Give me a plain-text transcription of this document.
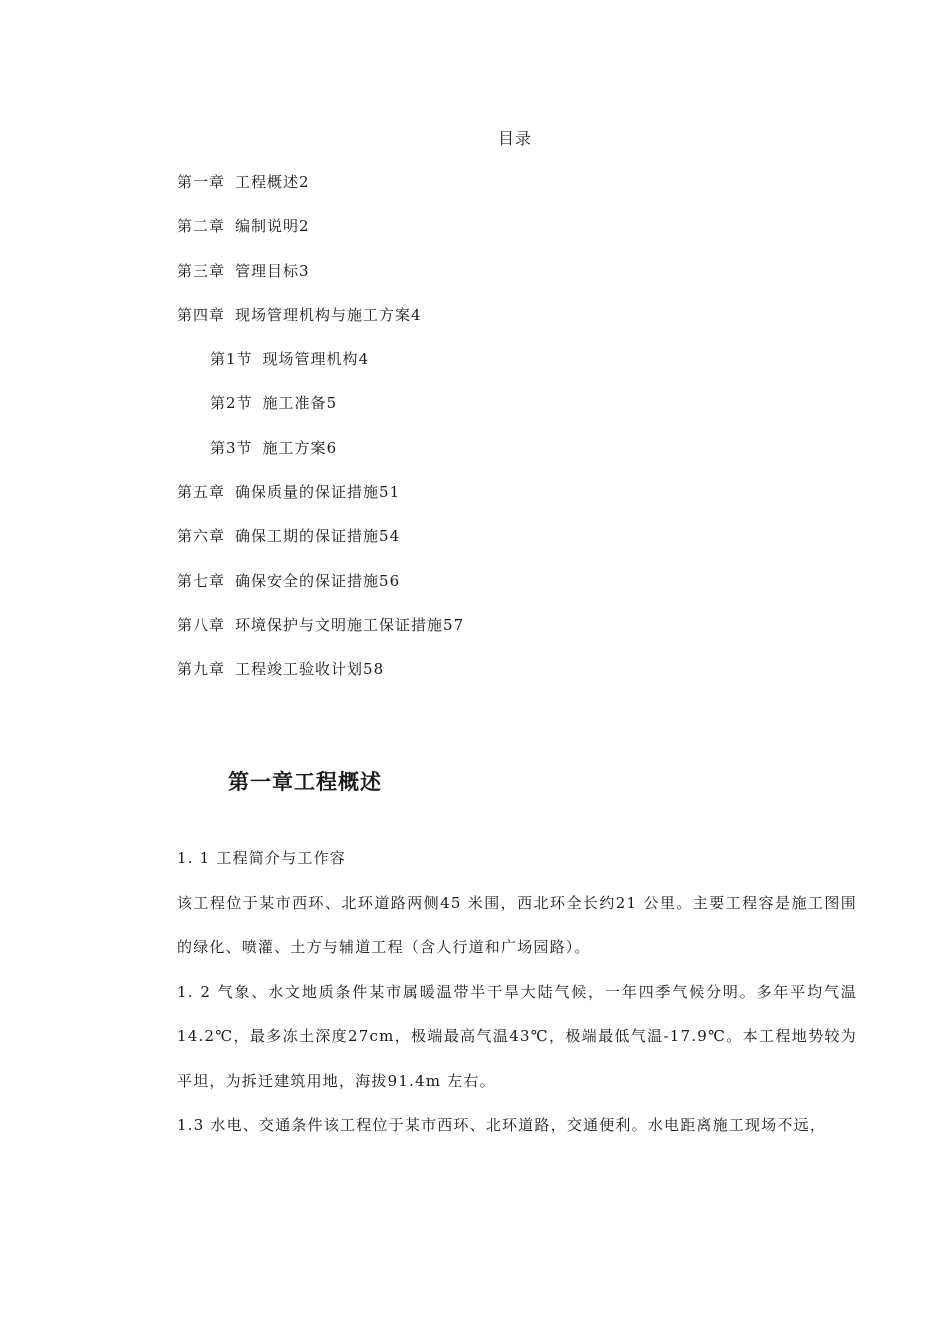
目录
第一章 工程概述2
第二章 编制说明2
第三章 管理目标3
第四章 现场管理机构与施工方案4
第1节 现场管理机构4
第2节 施工准备5
第3节 施工方案6
第五章 确保质量的保证措施51
第六章 确保工期的保证措施54
第七章 确保安全的保证措施56
第八章 环境保护与文明施工保证措施57
第九章 工程竣工验收计划58
第一章工程概述

1. 1 工程简介与工作容

该工程位于某市西环、北环道路两侧45 米围，西北环全长约21 公里。主要工程容是施工图围的绿化、喷灌、土方与辅道工程（含人行道和广场园路）。

1. 2 气象、水文地质条件某市属暖温带半干旱大陆气候，一年四季气候分明。多年平均气温14.2℃，最多冻土深度27cm，极端最高气温43℃，极端最低气温-17.9℃。本工程地势较为平坦，为拆迁建筑用地，海拔91.4m 左右。

1.3 水电、交通条件该工程位于某市西环、北环道路，交通便利。水电距离施工现场不远，
